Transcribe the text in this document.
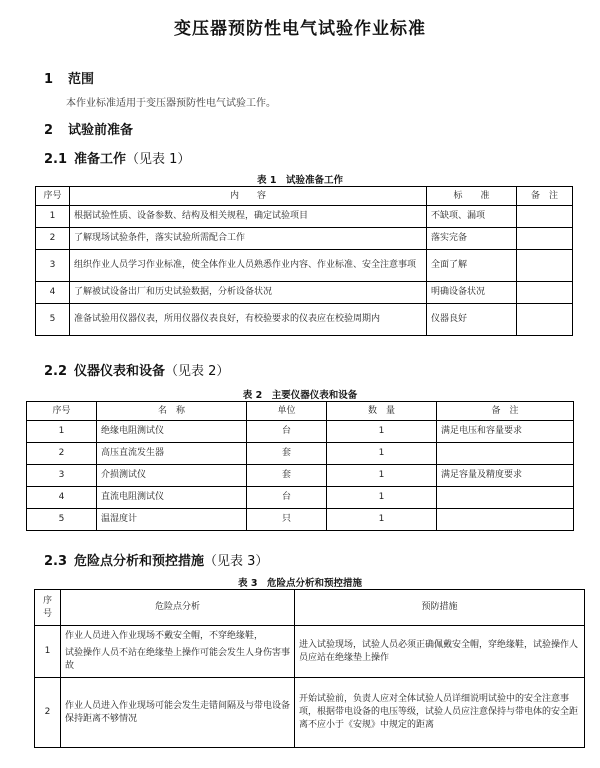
变压器预防性电气试验作业标准
1 范围
本作业标准适用于变压器预防性电气试验工作。
2 试验前准备
2.1 准备工作（见表 1）
表 1　试验准备工作
序号	内　　容	标　　准	备　注
1	根据试验性质、设备参数、结构及相关规程，确定试验项目	不缺项、漏项	
2	了解现场试验条件，落实试验所需配合工作	落实完备	
3	组织作业人员学习作业标准，使全体作业人员熟悉作业内容、作业标准、安全注意事项	全面了解	
4	了解被试设备出厂和历史试验数据，分析设备状况	明确设备状况	
5	准备试验用仪器仪表，所用仪器仪表良好，有校验要求的仪表应在校验周期内	仪器良好	
2.2 仪器仪表和设备（见表 2）
表 2　主要仪器仪表和设备
序号	名　称	单位	数　量	备　注
1	绝缘电阻测试仪	台	1	满足电压和容量要求
2	高压直流发生器	套	1	
3	介损测试仪	套	1	满足容量及精度要求
4	直流电阻测试仪	台	1	
5	温湿度计	只	1	
2.3 危险点分析和预控措施（见表 3）
表 3　危险点分析和预控措施
序号	危险点分析	预防措施
1	作业人员进入作业现场不戴安全帽，不穿绝缘鞋，
试验操作人员不站在绝缘垫上操作可能会发生人身伤害事故	进入试验现场，试验人员必须正确佩戴安全帽，穿绝缘鞋，试验操作人员应站在绝缘垫上操作
2	作业人员进入作业现场可能会发生走错间隔及与带电设备保持距离不够情况	开始试验前，负责人应对全体试验人员详细说明试验中的安全注意事项，根据带电设备的电压等级，试验人员应注意保持与带电体的安全距离不应小于《安规》中规定的距离
